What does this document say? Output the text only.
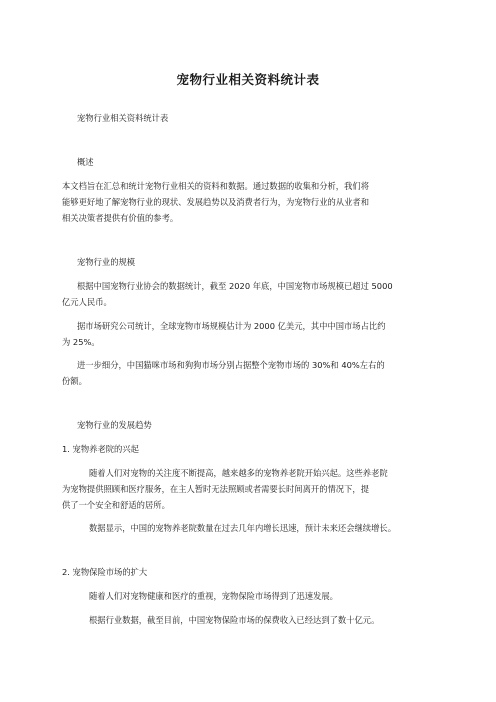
宠物行业相关资料统计表
宠物行业相关资料统计表
概述
本文档旨在汇总和统计宠物行业相关的资料和数据。通过数据的收集和分析，我们将
能够更好地了解宠物行业的现状、发展趋势以及消费者行为，为宠物行业的从业者和
相关决策者提供有价值的参考。
宠物行业的规模
根据中国宠物行业协会的数据统计，截至 2020 年底，中国宠物市场规模已超过 5000
亿元人民币。
据市场研究公司统计，全球宠物市场规模估计为 2000 亿美元，其中中国市场占比约
为 25%。
进一步细分，中国猫咪市场和狗狗市场分别占据整个宠物市场的 30%和 40%左右的
份额。
宠物行业的发展趋势
1. 宠物养老院的兴起
随着人们对宠物的关注度不断提高，越来越多的宠物养老院开始兴起。这些养老院
为宠物提供照顾和医疗服务，在主人暂时无法照顾或者需要长时间离开的情况下，提
供了一个安全和舒适的居所。
数据显示，中国的宠物养老院数量在过去几年内增长迅速，预计未来还会继续增长。
2. 宠物保险市场的扩大
随着人们对宠物健康和医疗的重视，宠物保险市场得到了迅速发展。
根据行业数据，截至目前，中国宠物保险市场的保费收入已经达到了数十亿元。
